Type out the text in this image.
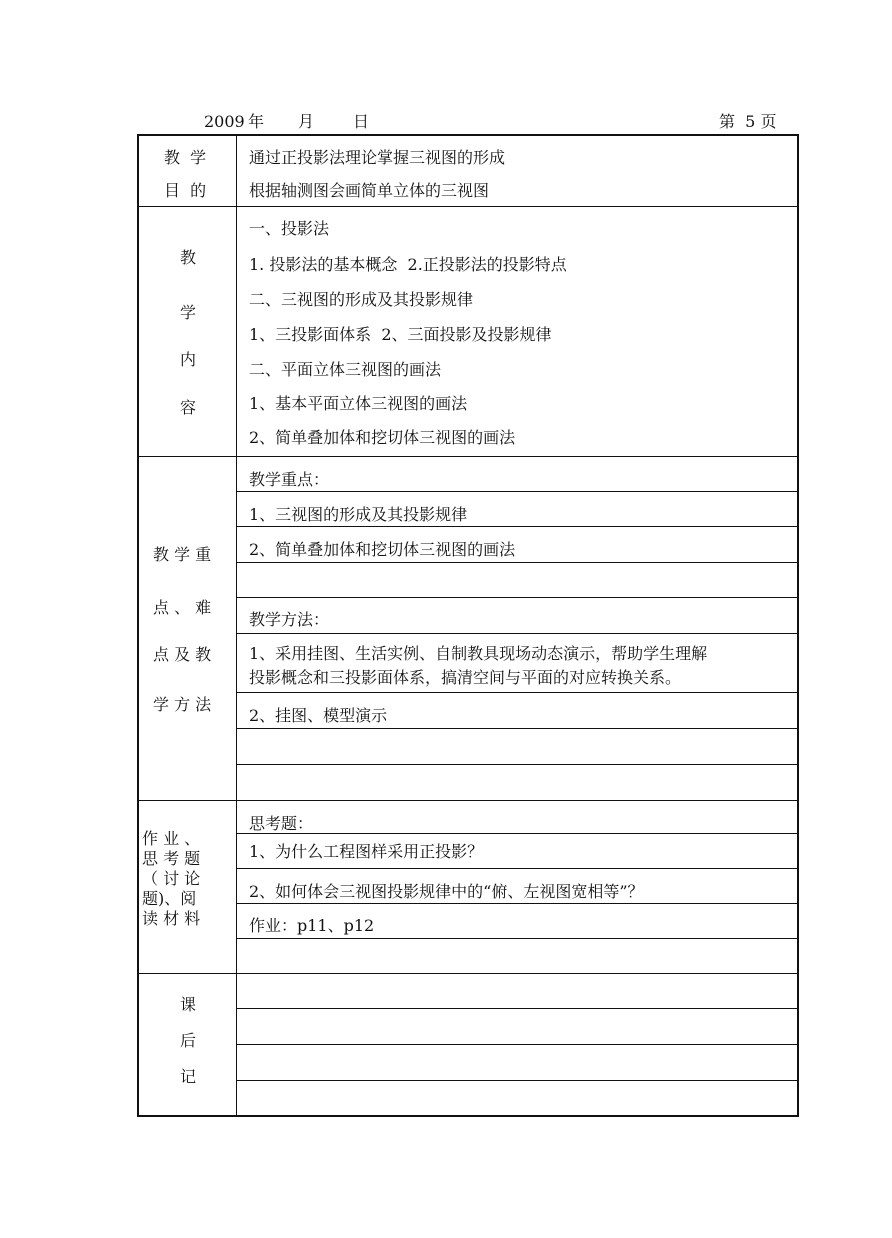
2009 年 月 日	第  5 页
教  学
目  的
通过正投影法理论掌握三视图的形成
根据轴测图会画简单立体的三视图
教
学
内
容
一、投影法
1. 投影法的基本概念  2.正投影法的投影特点
二、三视图的形成及其投影规律
1、三投影面体系  2、三面投影及投影规律
二、平面立体三视图的画法
1、基本平面立体三视图的画法
2、简单叠加体和挖切体三视图的画法
教 学 重
点 、 难
点 及 教
学 方 法
教学重点：
1、三视图的形成及其投影规律
2、简单叠加体和挖切体三视图的画法
教学方法：
1、采用挂图、生活实例、自制教具现场动态演示，帮助学生理解
投影概念和三投影面体系，搞清空间与平面的对应转换关系。
2、挂图、模型演示
作 业 、
思 考 题
（ 讨 论
题)、阅
读 材 料
思考题：
1、为什么工程图样采用正投影？
2、如何体会三视图投影规律中的“俯、左视图宽相等”？
作业：p11、p12
课
后
记
